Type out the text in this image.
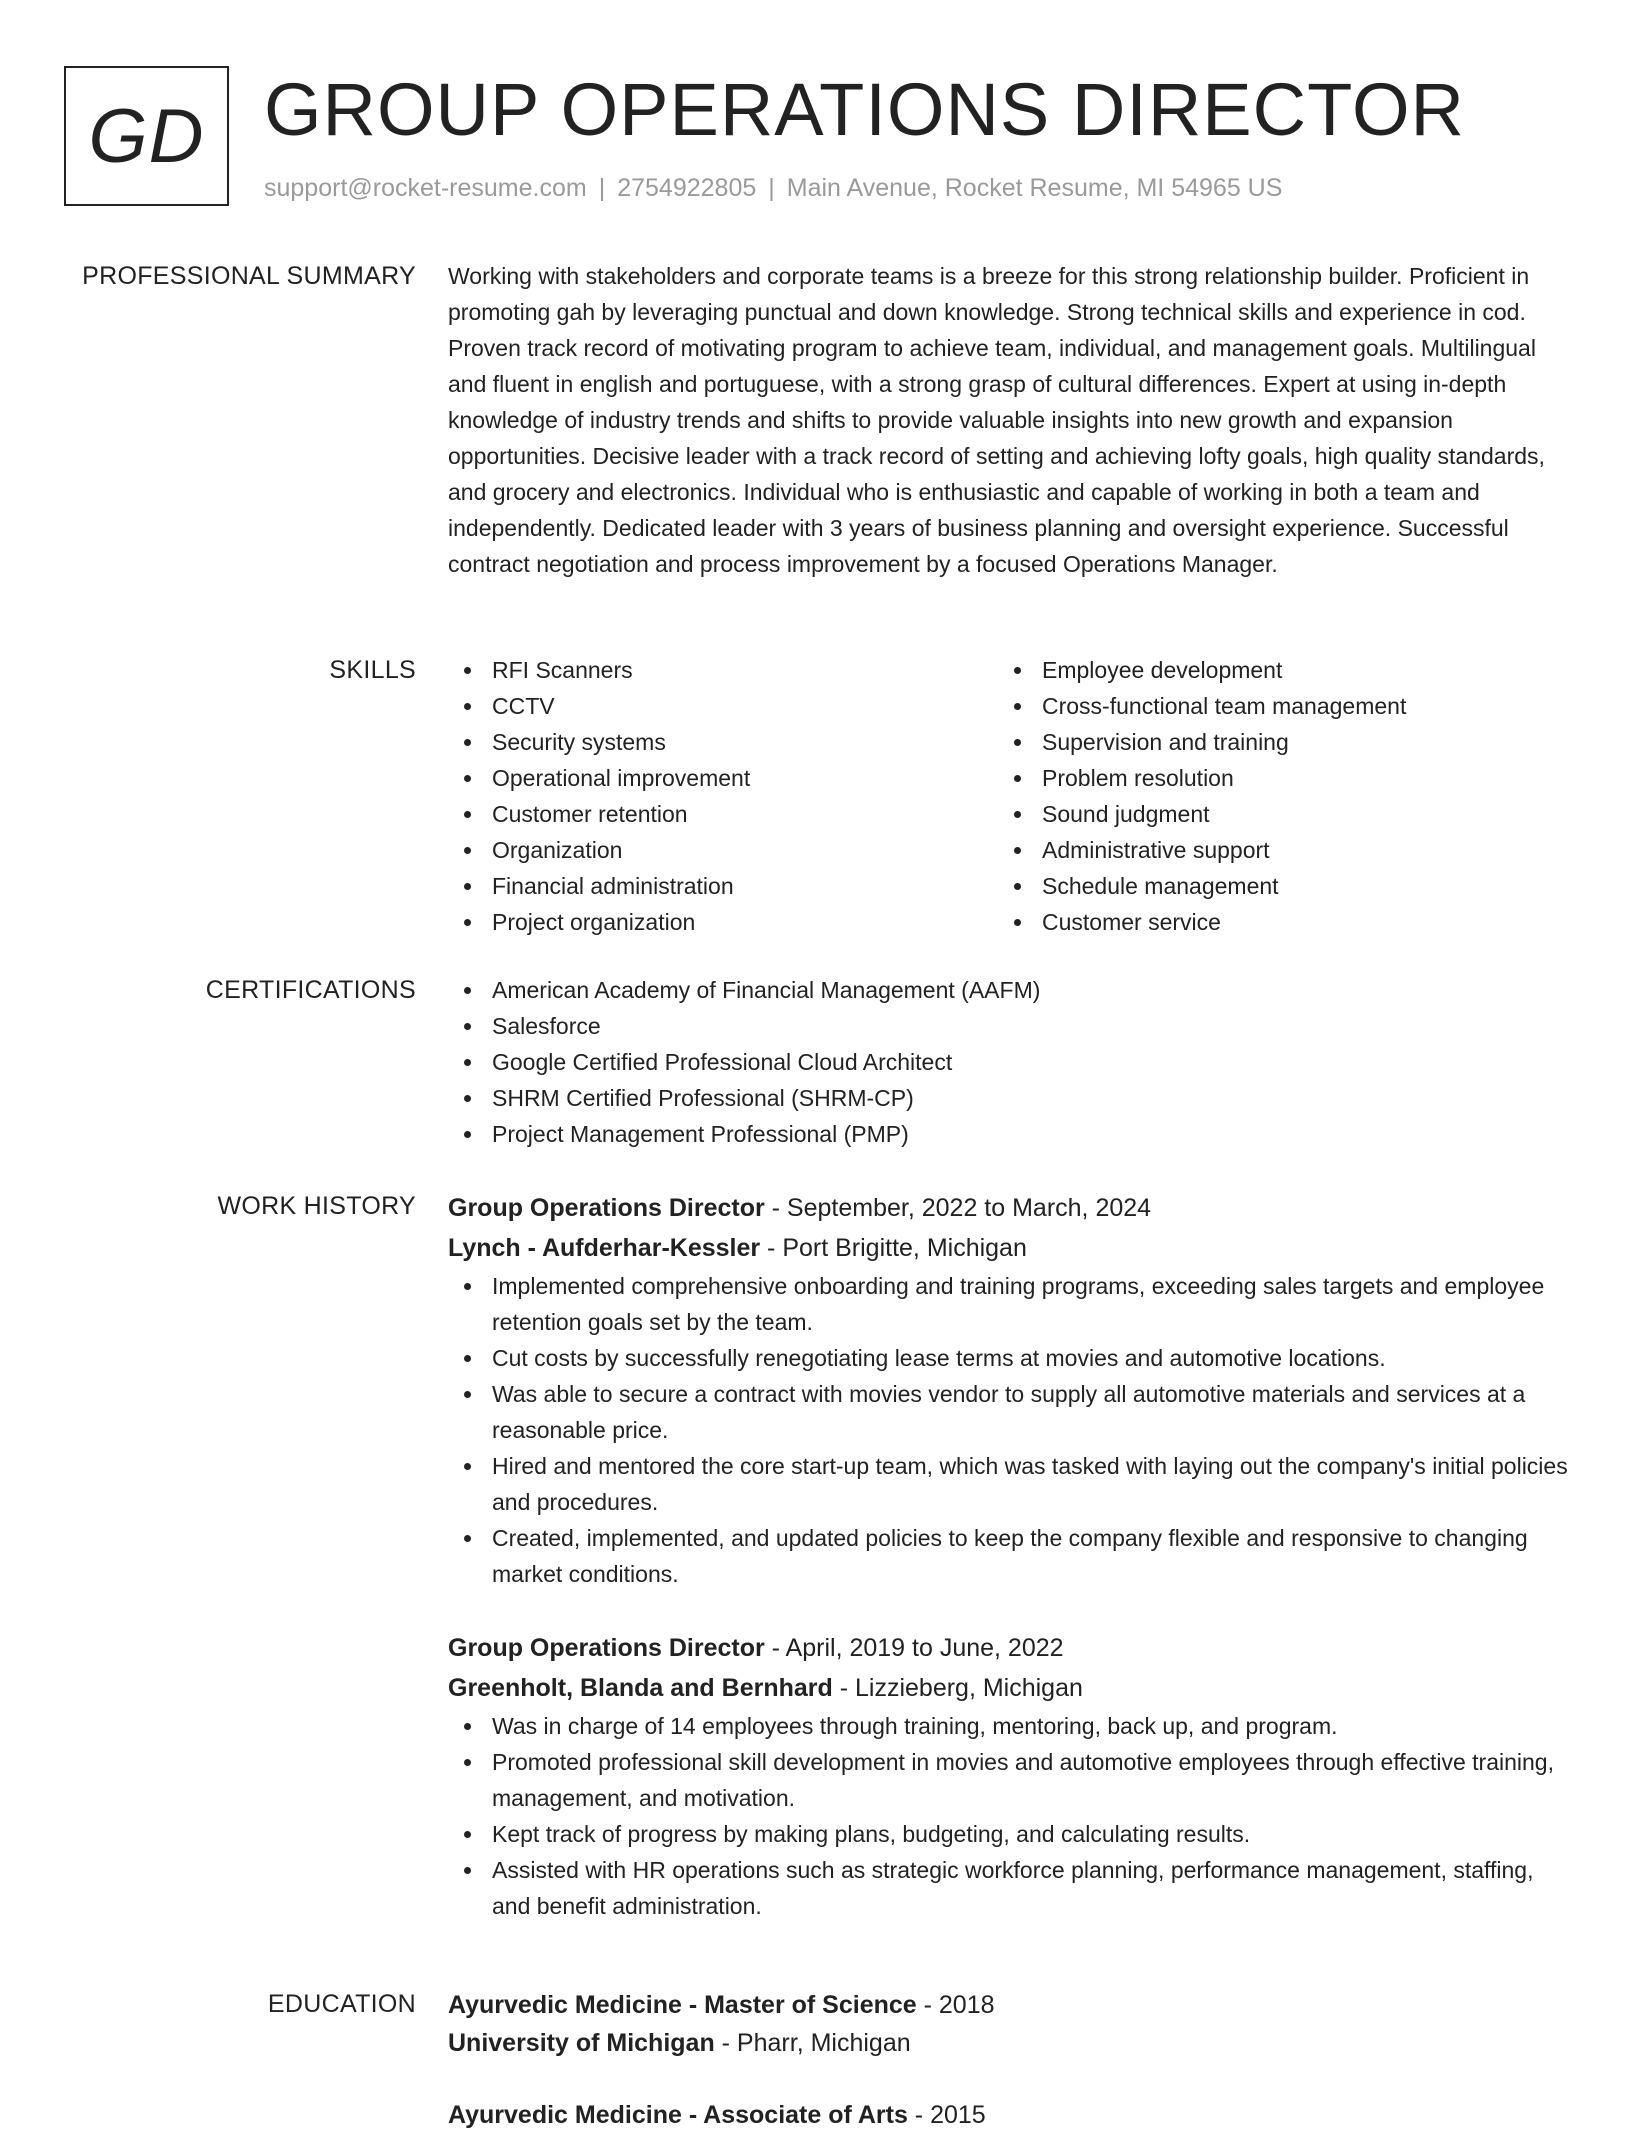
GD GROUP OPERATIONS DIRECTOR
support@rocket-resume.com | 2754922805 | Main Avenue, Rocket Resume, MI 54965 US
PROFESSIONAL SUMMARY Working with stakeholders and corporate teams is a breeze for this strong relationship builder. Proficient in promoting gah by leveraging punctual and down knowledge. Strong technical skills and experience in cod. Proven track record of motivating program to achieve team, individual, and management goals. Multilingual and fluent in english and portuguese, with a strong grasp of cultural differences. Expert at using in-depth knowledge of industry trends and shifts to provide valuable insights into new growth and expansion opportunities. Decisive leader with a track record of setting and achieving lofty goals, high quality standards, and grocery and electronics. Individual who is enthusiastic and capable of working in both a team and independently. Dedicated leader with 3 years of business planning and oversight experience. Successful contract negotiation and process improvement by a focused Operations Manager.

SKILLS	RFI Scanners
CCTV
Security systems
Operational improvement
Customer retention
Organization
Financial administration
Project organization
Employee development
Cross-functional team management
Supervision and training
Problem resolution
Sound judgment
Administrative support
Schedule management
Customer service
CERTIFICATIONS	American Academy of Financial Management (AAFM)
Salesforce
Google Certified Professional Cloud Architect
SHRM Certified Professional (SHRM-CP)
Project Management Professional (PMP)
WORK HISTORY Group Operations Director - September, 2022 to March, 2024
Lynch - Aufderhar-Kessler - Port Brigitte, Michigan
Implemented comprehensive onboarding and training programs, exceeding sales targets and employee retention goals set by the team.
Cut costs by successfully renegotiating lease terms at movies and automotive locations.
Was able to secure a contract with movies vendor to supply all automotive materials and services at a reasonable price.
Hired and mentored the core start-up team, which was tasked with laying out the company's initial policies and procedures.
Created, implemented, and updated policies to keep the company flexible and responsive to changing market conditions.
Group Operations Director - April, 2019 to June, 2022
Greenholt, Blanda and Bernhard - Lizzieberg, Michigan
Was in charge of 14 employees through training, mentoring, back up, and program.
Promoted professional skill development in movies and automotive employees through effective training, management, and motivation.
Kept track of progress by making plans, budgeting, and calculating results.
Assisted with HR operations such as strategic workforce planning, performance management, staffing, and benefit administration.
EDUCATION Ayurvedic Medicine - Master of Science - 2018
University of Michigan - Pharr, Michigan
Ayurvedic Medicine - Associate of Arts - 2015
